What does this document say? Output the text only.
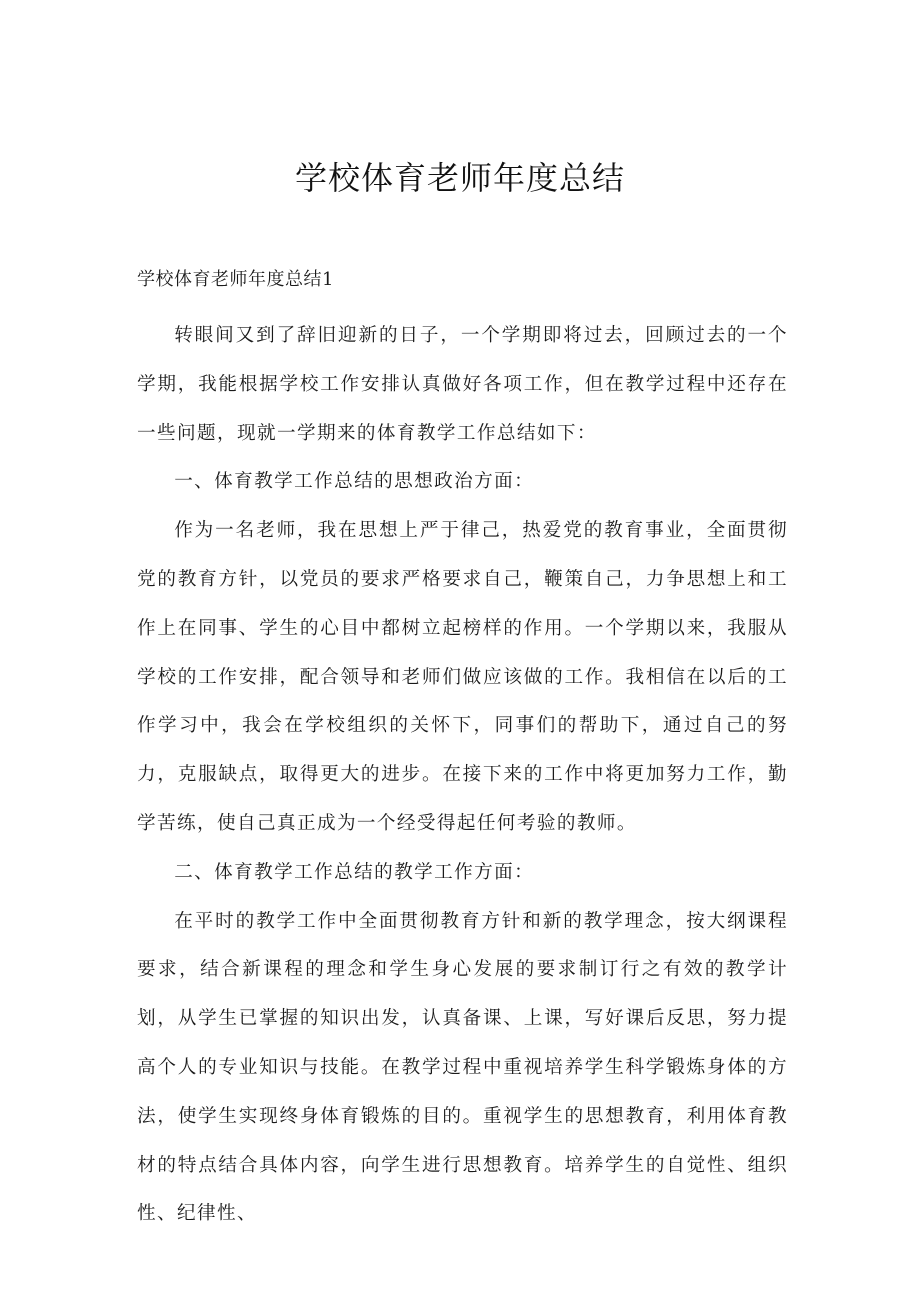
学校体育老师年度总结

学校体育老师年度总结1

转眼间又到了辞旧迎新的日子，一个学期即将过去，回顾过去的一个学期，我能根据学校工作安排认真做好各项工作，但在教学过程中还存在一些问题，现就一学期来的体育教学工作总结如下：

一、体育教学工作总结的思想政治方面：

作为一名老师，我在思想上严于律己，热爱党的教育事业，全面贯彻党的教育方针，以党员的要求严格要求自己，鞭策自己，力争思想上和工作上在同事、学生的心目中都树立起榜样的作用。一个学期以来，我服从学校的工作安排，配合领导和老师们做应该做的工作。我相信在以后的工作学习中，我会在学校组织的关怀下，同事们的帮助下，通过自己的努力，克服缺点，取得更大的进步。在接下来的工作中将更加努力工作，勤学苦练，使自己真正成为一个经受得起任何考验的教师。

二、体育教学工作总结的教学工作方面：

在平时的教学工作中全面贯彻教育方针和新的教学理念，按大纲课程要求，结合新课程的理念和学生身心发展的要求制订行之有效的教学计划，从学生已掌握的知识出发，认真备课、上课，写好课后反思，努力提高个人的专业知识与技能。在教学过程中重视培养学生科学锻炼身体的方法，使学生实现终身体育锻炼的目的。重视学生的思想教育，利用体育教材的特点结合具体内容，向学生进行思想教育。培养学生的自觉性、组织性、纪律性、
